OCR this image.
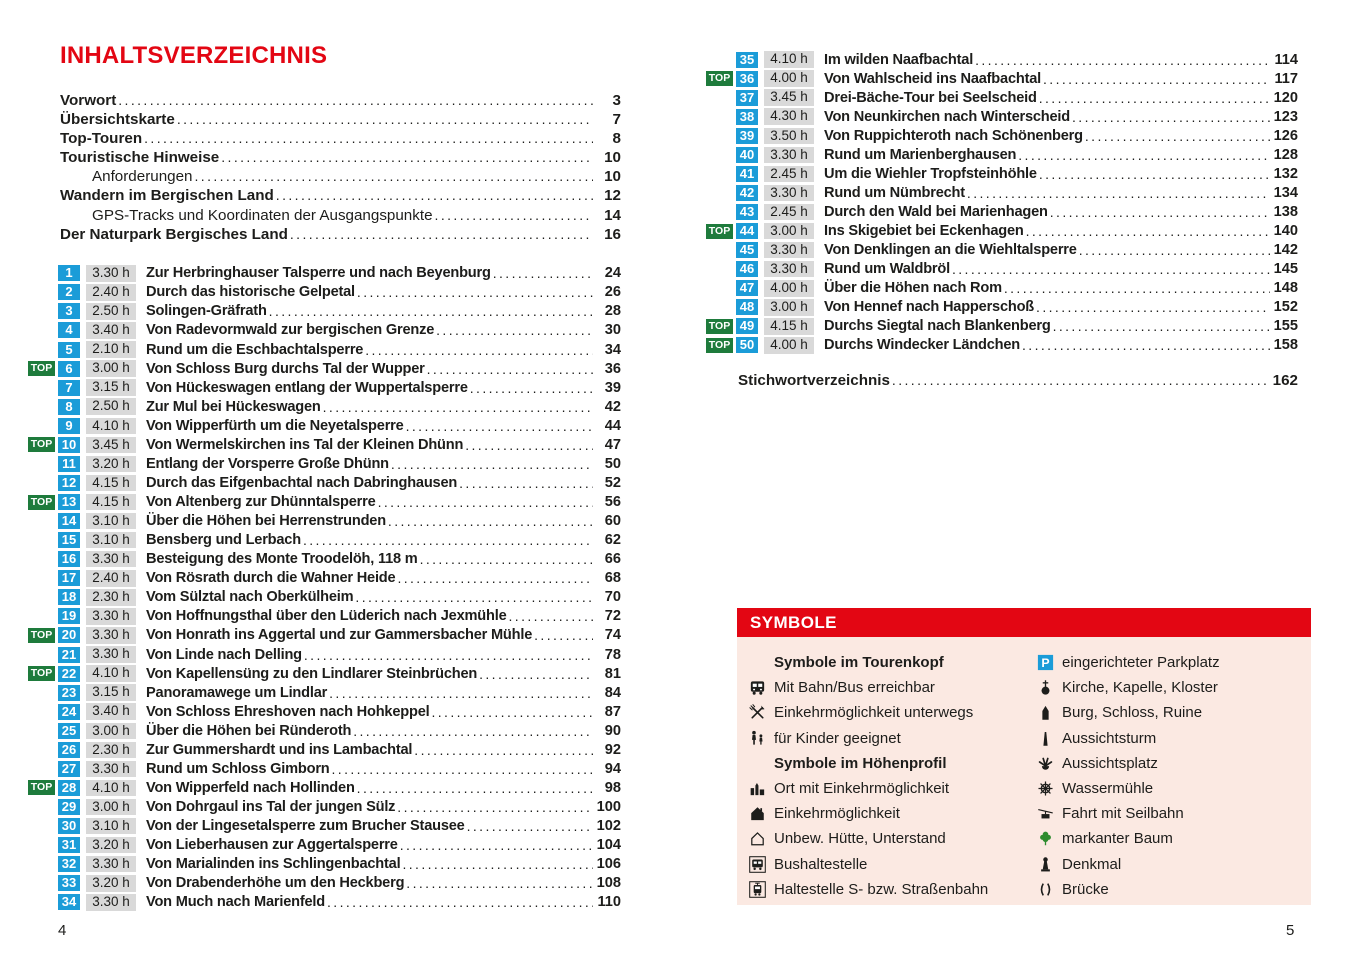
INHALTSVERZEICHNIS
Vorwort .....	3
Übersichtskarte .....	7
Top-Touren .....	8
Touristische Hinweise .....	10
Anforderungen .....	10
Wandern im Bergischen Land .....	12
GPS-Tracks und Koordinaten der Ausgangspunkte .....	14
Der Naturpark Bergisches Land .....	16
1	3.30 h	Zur Herbringhauser Talsperre und nach Beyenburg .....	24
2	2.40 h	Durch das historische Gelpetal .....	26
3	2.50 h	Solingen-Gräfrath .....	28
4	3.40 h	Von Radevormwald zur bergischen Grenze .....	30
5	2.10 h	Rund um die Eschbachtalsperre .....	34
TOP	6	3.00 h	Von Schloss Burg durchs Tal der Wupper .....	36
7	3.15 h	Von Hückeswagen entlang der Wuppertalsperre .....	39
8	2.50 h	Zur Mul bei Hückeswagen .....	42
9	4.10 h	Von Wipperfürth um die Neyetalsperre .....	44
TOP 10	3.45 h	Von Wermelskirchen ins Tal der Kleinen Dhünn .....	47
11	3.20 h	Entlang der Vorsperre Große Dhünn .....	50
12	4.15 h	Durch das Eifgenbachtal nach Dabringhausen .....	52
TOP 13	4.15 h	Von Altenberg zur Dhünntalsperre .....	56
14	3.10 h	Über die Höhen bei Herrenstrunden .....	60
15	3.10 h	Bensberg und Lerbach .....	62
16	3.30 h	Besteigung des Monte Troodelöh, 118 m .....	66
17	2.40 h	Von Rösrath durch die Wahner Heide .....	68
18	2.30 h	Vom Sülztal nach Oberkülheim .....	70
19	3.30 h	Von Hoffnungsthal über den Lüderich nach Jexmühle .....	72
TOP 20	3.30 h	Von Honrath ins Aggertal und zur Gammersbacher Mühle .....	74
21	3.30 h	Von Linde nach Delling .....	78
TOP 22	4.10 h	Von Kapellensüng zu den Lindlarer Steinbrüchen .....	81
23	3.15 h	Panoramawege um Lindlar .....	84
24	3.40 h	Von Schloss Ehreshoven nach Hohkeppel .....	87
25	3.00 h	Über die Höhen bei Ründeroth .....	90
26	2.30 h	Zur Gummershardt und ins Lambachtal .....	92
27	3.30 h	Rund um Schloss Gimborn .....	94
TOP 28	4.10 h	Von Wipperfeld nach Hollinden .....	98
29	3.00 h	Von Dohrgaul ins Tal der jungen Sülz .....	100
30	3.10 h	Von der Lingesetalsperre zum Brucher Stausee .....	102
31	3.20 h	Von Lieberhausen zur Aggertalsperre .....	104
32	3.30 h	Von Marialinden ins Schlingenbachtal .....	106
33	3.20 h	Von Drabenderhöhe um den Heckberg .....	108
34	3.30 h	Von Much nach Marienfeld .....	110
35	4.10 h	Im wilden Naafbachtal .....	114
TOP 36	4.00 h	Von Wahlscheid ins Naafbachtal .....	117
37	3.45 h	Drei-Bäche-Tour bei Seelscheid .....	120
38	4.30 h	Von Neunkirchen nach Winterscheid .....	123
39	3.50 h	Von Ruppichteroth nach Schönenberg .....	126
40	3.30 h	Rund um Marienberghausen .....	128
41	2.45 h	Um die Wiehler Tropfsteinhöhle .....	132
42	3.30 h	Rund um Nümbrecht .....	134
43	2.45 h	Durch den Wald bei Marienhagen .....	138
TOP 44	3.00 h	Ins Skigebiet bei Eckenhagen .....	140
45	3.30 h	Von Denklingen an die Wiehltalsperre .....	142
46	3.30 h	Rund um Waldbröl .....	145
47	4.00 h	Über die Höhen nach Rom .....	148
48	3.00 h	Von Hennef nach Happerschoß .....	152
TOP 49	4.15 h	Durchs Siegtal nach Blankenberg .....	155
TOP 50	4.00 h	Durchs Windecker Ländchen .....	158
Stichwortverzeichnis .....	162
SYMBOLE
Symbole im Tourenkopf
Mit Bahn/Bus erreichbar
Einkehrmöglichkeit unterwegs
für Kinder geeignet
Symbole im Höhenprofil
Ort mit Einkehrmöglichkeit
Einkehrmöglichkeit
Unbew. Hütte, Unterstand
Bushaltestelle
Haltestelle S- bzw. Straßenbahn
eingerichteter Parkplatz
Kirche, Kapelle, Kloster
Burg, Schloss, Ruine
Aussichtsturm
Aussichtsplatz
Wassermühle
Fahrt mit Seilbahn
markanter Baum
Denkmal
Brücke
4	5
